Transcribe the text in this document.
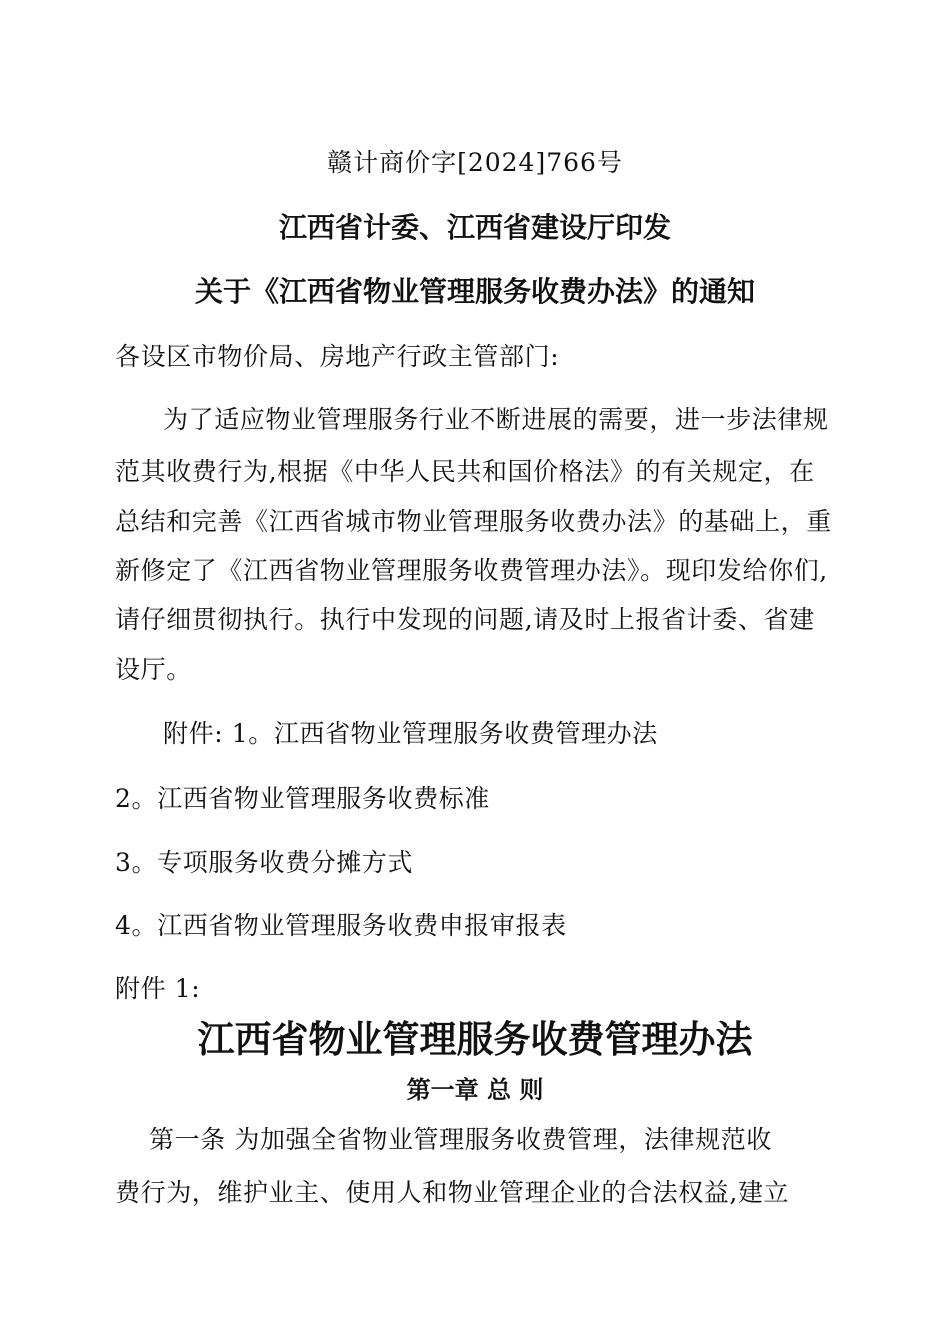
赣计商价字[2024]766号
江西省计委、江西省建设厅印发
关于《江西省物业管理服务收费办法》的通知
各设区市物价局、房地产行政主管部门:
为了适应物业管理服务行业不断进展的需要，进一步法律规
范其收费行为,根据《中华人民共和国价格法》的有关规定，在
总结和完善《江西省城市物业管理服务收费办法》的基础上，重
新修定了《江西省物业管理服务收费管理办法》。现印发给你们,
请仔细贯彻执行。执行中发现的问题,请及时上报省计委、省建
设厅。
附件: 1。江西省物业管理服务收费管理办法
2。江西省物业管理服务收费标准
3。专项服务收费分摊方式
4。江西省物业管理服务收费申报审报表
附件 1:
江西省物业管理服务收费管理办法
第一章 总 则
第一条 为加强全省物业管理服务收费管理，法律规范收
费行为，维护业主、使用人和物业管理企业的合法权益,建立
